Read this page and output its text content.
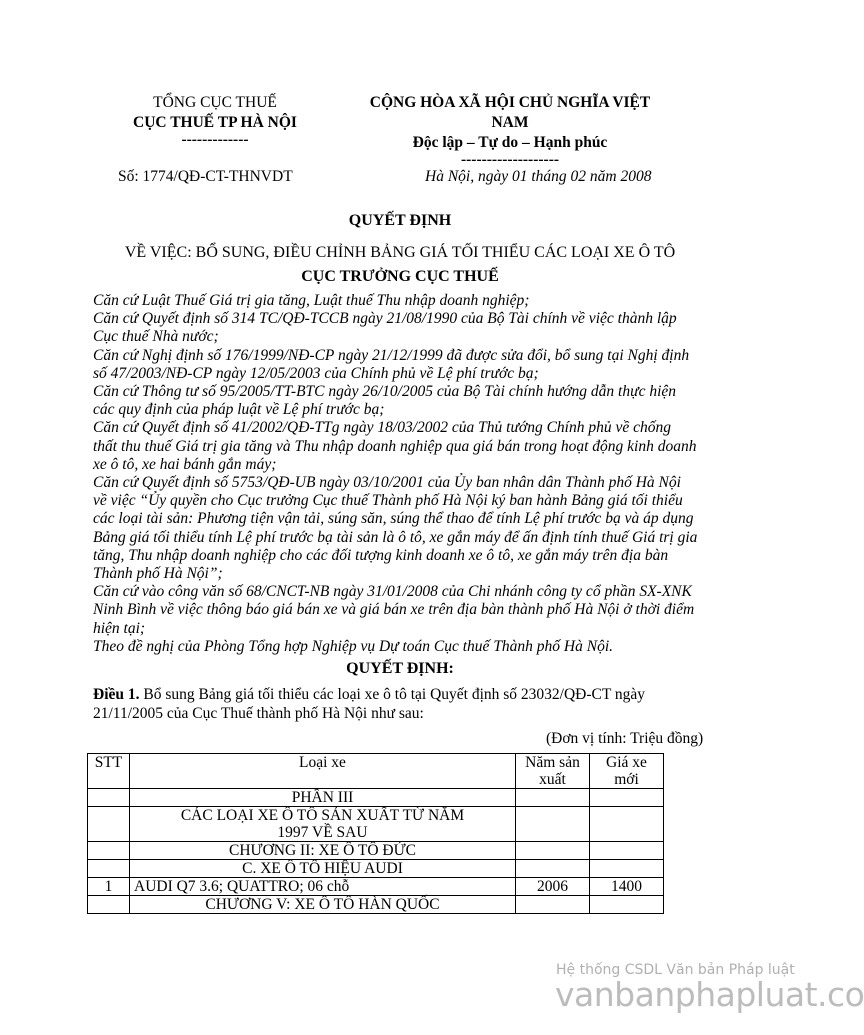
TỔNG CỤC THUẾ
CỤC THUẾ TP HÀ NỘI
-------------
CỘNG HÒA XÃ HỘI CHỦ NGHĨA VIỆT
NAM
Độc lập – Tự do – Hạnh phúc
-------------------
Số: 1774/QĐ-CT-THNVDT	Hà Nội, ngày 01 tháng 02 năm 2008
QUYẾT ĐỊNH
VỀ VIỆC: BỔ SUNG, ĐIỀU CHỈNH BẢNG GIÁ TỐI THIỂU CÁC LOẠI XE Ô TÔ
CỤC TRƯỞNG CỤC THUẾ
Căn cứ Luật Thuế Giá trị gia tăng, Luật thuế Thu nhập doanh nghiệp;
Căn cứ Quyết định số 314 TC/QĐ-TCCB ngày 21/08/1990 của Bộ Tài chính về việc thành lập
Cục thuế Nhà nước;
Căn cứ Nghị định số 176/1999/NĐ-CP ngày 21/12/1999 đã được sửa đổi, bổ sung tại Nghị định
số 47/2003/NĐ-CP ngày 12/05/2003 của Chính phủ về Lệ phí trước bạ;
Căn cứ Thông tư số 95/2005/TT-BTC ngày 26/10/2005 của Bộ Tài chính hướng dẫn thực hiện
các quy định của pháp luật về Lệ phí trước bạ;
Căn cứ Quyết định số 41/2002/QĐ-TTg ngày 18/03/2002 của Thủ tướng Chính phủ về chống
thất thu thuế Giá trị gia tăng và Thu nhập doanh nghiệp qua giá bán trong hoạt động kinh doanh
xe ô tô, xe hai bánh gắn máy;
Căn cứ Quyết định số 5753/QĐ-UB ngày 03/10/2001 của Ủy ban nhân dân Thành phố Hà Nội
về việc “Ủy quyền cho Cục trưởng Cục thuế Thành phố Hà Nội ký ban hành Bảng giá tối thiểu
các loại tài sản: Phương tiện vận tải, súng săn, súng thể thao để tính Lệ phí trước bạ và áp dụng
Bảng giá tối thiểu tính Lệ phí trước bạ tài sản là ô tô, xe gắn máy để ấn định tính thuế Giá trị gia
tăng, Thu nhập doanh nghiệp cho các đối tượng kinh doanh xe ô tô, xe gắn máy trên địa bàn
Thành phố Hà Nội”;
Căn cứ vào công văn số 68/CNCT-NB ngày 31/01/2008 của Chi nhánh công ty cổ phần SX-XNK
Ninh Bình về việc thông báo giá bán xe và giá bán xe trên địa bàn thành phố Hà Nội ở thời điểm
hiện tại;
Theo đề nghị của Phòng Tổng hợp Nghiệp vụ Dự toán Cục thuế Thành phố Hà Nội.
QUYẾT ĐỊNH:
Điều 1. Bổ sung Bảng giá tối thiểu các loại xe ô tô tại Quyết định số 23032/QĐ-CT ngày 21/11/2005 của Cục Thuế thành phố Hà Nội như sau:
(Đơn vị tính: Triệu đồng)
STT	Loại xe	Năm sản xuất	Giá xe mới
	PHẦN III		
	CÁC LOẠI XE Ô TÔ SẢN XUẤT TỪ NĂM 1997 VỀ SAU		
	CHƯƠNG II: XE Ô TÔ ĐỨC		
	C. XE Ô TÔ HIỆU AUDI		
1	AUDI Q7 3.6; QUATTRO; 06 chỗ	2006	1400
	CHƯƠNG V: XE Ô TÔ HÀN QUỐC		
Hệ thống CSDL Văn bản Pháp luật
vanbanphapluat.co
